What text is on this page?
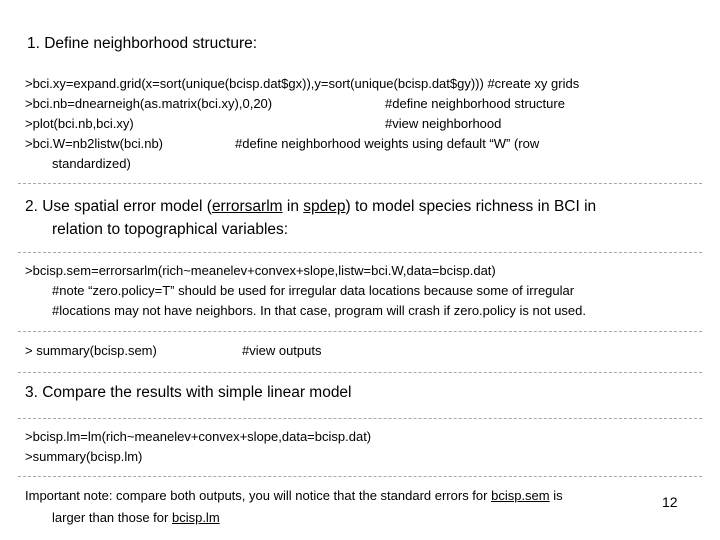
1. Define neighborhood structure:
>bci.xy=expand.grid(x=sort(unique(bcisp.dat$gx)),y=sort(unique(bcisp.dat$gy))) #create xy grids
>bci.nb=dnearneigh(as.matrix(bci.xy),0,20)	#define neighborhood structure
>plot(bci.nb,bci.xy)	#view neighborhood
>bci.W=nb2listw(bci.nb)	#define neighborhood weights using default “W” (row
standardized)
2. Use spatial error model (errorsarlm in spdep) to model species richness in BCI in
relation to topographical variables:
>bcisp.sem=errorsarlm(rich~meanelev+convex+slope,listw=bci.W,data=bcisp.dat)
#note “zero.policy=T” should be used for irregular data locations because some of irregular
#locations may not have neighbors. In that case, program will crash if zero.policy is not used.
> summary(bcisp.sem)	#view outputs
3. Compare the results with simple linear model
>bcisp.lm=lm(rich~meanelev+convex+slope,data=bcisp.dat)
>summary(bcisp.lm)
Important note: compare both outputs, you will notice that the standard errors for bcisp.sem is
larger than those for bcisp.lm
12
